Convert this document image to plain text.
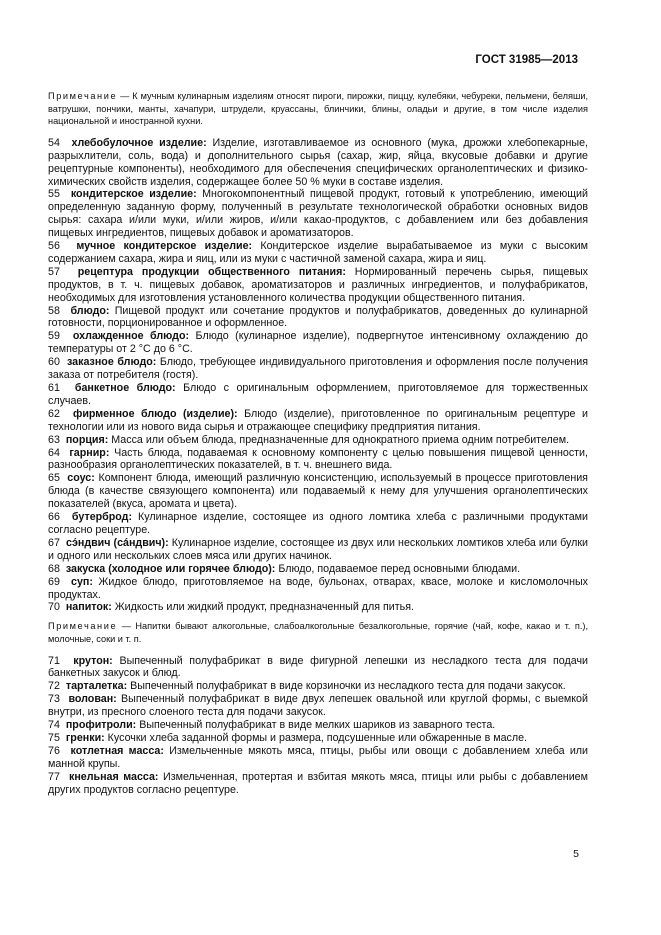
ГОСТ 31985—2013

Примечание — К мучным кулинарным изделиям относят пироги, пирожки, пиццу, кулебяки, чебуреки, пельмени, беляши, ватрушки, пончики, манты, хачапури, штрудели, круассаны, блинчики, блины, оладьи и другие, в том числе изделия национальной и иностранной кухни.

54 хлебобулочное изделие: Изделие, изготавливаемое из основного (мука, дрожжи хлебопекарные, разрыхлители, соль, вода) и дополнительного сырья (сахар, жир, яйца, вкусовые добавки и другие рецептурные компоненты), необходимого для обеспечения специфических органолептических и физико-химических свойств изделия, содержащее более 50 % муки в составе изделия.

55 кондитерское изделие: Многокомпонентный пищевой продукт, готовый к употреблению, имеющий определенную заданную форму, полученный в результате технологической обработки основных видов сырья: сахара и/или муки, и/или жиров, и/или какао-продуктов, с добавлением или без добавления пищевых ингредиентов, пищевых добавок и ароматизаторов.

56 мучное кондитерское изделие: Кондитерское изделие вырабатываемое из муки с высоким содержанием сахара, жира и яиц, или из муки с частичной заменой сахара, жира и яиц.

57 рецептура продукции общественного питания: Нормированный перечень сырья, пищевых продуктов, в т. ч. пищевых добавок, ароматизаторов и различных ингредиентов, и полуфабрикатов, необходимых для изготовления установленного количества продукции общественного питания.

58 блюдо: Пищевой продукт или сочетание продуктов и полуфабрикатов, доведенных до кулинарной готовности, порционированное и оформленное.

59 охлажденное блюдо: Блюдо (кулинарное изделие), подвергнутое интенсивному охлаждению до температуры от 2 °С до 6 °С.

60 заказное блюдо: Блюдо, требующее индивидуального приготовления и оформления после получения заказа от потребителя (гостя).

61 банкетное блюдо: Блюдо с оригинальным оформлением, приготовляемое для торжественных случаев.

62 фирменное блюдо (изделие): Блюдо (изделие), приготовленное по оригинальным рецептуре и технологии или из нового вида сырья и отражающее специфику предприятия питания.

63 порция: Масса или объем блюда, предназначенные для однократного приема одним потребителем.

64 гарнир: Часть блюда, подаваемая к основному компоненту с целью повышения пищевой ценности, разнообразия органолептических показателей, в т. ч. внешнего вида.

65 соус: Компонент блюда, имеющий различную консистенцию, используемый в процессе приготовления блюда (в качестве связующего компонента) или подаваемый к нему для улучшения органолептических показателей (вкуса, аромата и цвета).

66 бутерброд: Кулинарное изделие, состоящее из одного ломтика хлеба с различными продуктами согласно рецептуре.

67 сэ́ндвич (сáндвич): Кулинарное изделие, состоящее из двух или нескольких ломтиков хлеба или булки и одного или нескольких слоев мяса или других начинок.

68 закуска (холодное или горячее блюдо): Блюдо, подаваемое перед основными блюдами.

69 суп: Жидкое блюдо, приготовляемое на воде, бульонах, отварах, квасе, молоке и кисломолочных продуктах.

70 напиток: Жидкость или жидкий продукт, предназначенный для питья.

Примечание — Напитки бывают алкогольные, слабоалкогольные безалкогольные, горячие (чай, кофе, какао и т. п.), молочные, соки и т. п.

71 крутон: Выпеченный полуфабрикат в виде фигурной лепешки из несладкого теста для подачи банкетных закусок и блюд.

72 тарталетка: Выпеченный полуфабрикат в виде корзиночки из несладкого теста для подачи закусок.

73 волован: Выпеченный полуфабрикат в виде двух лепешек овальной или круглой формы, с выемкой внутри, из пресного слоеного теста для подачи закусок.

74 профитроли: Выпеченный полуфабрикат в виде мелких шариков из заварного теста.

75 гренки: Кусочки хлеба заданной формы и размера, подсушенные или обжаренные в масле.

76 котлетная масса: Измельченные мякоть мяса, птицы, рыбы или овощи с добавлением хлеба или манной крупы.

77 кнельная масса: Измельченная, протертая и взбитая мякоть мяса, птицы или рыбы с добавлением других продуктов согласно рецептуре.

5
